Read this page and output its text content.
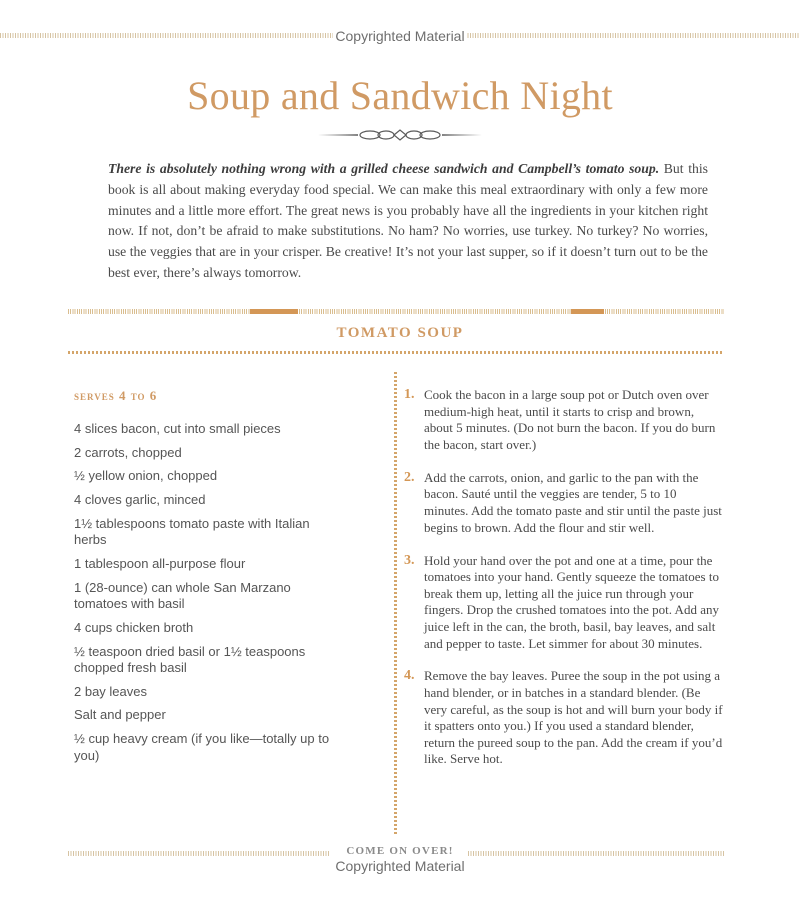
Copyrighted Material
Soup and Sandwich Night

There is absolutely nothing wrong with a grilled cheese sandwich and Campbell’s tomato soup. But this book is all about making everyday food special. We can make this meal extraordinary with only a few more minutes and a little more effort. The great news is you probably have all the ingredients in your kitchen right now. If not, don’t be afraid to make substitutions. No ham? No worries, use turkey. No turkey? No worries, use the veggies that are in your crisper. Be creative! It’s not your last supper, so if it doesn’t turn out to be the best ever, there’s always tomorrow.

TOMATO SOUP
serves 4 to 6
4 slices bacon, cut into small pieces
2 carrots, chopped
½ yellow onion, chopped
4 cloves garlic, minced
1½ tablespoons tomato paste with Italian herbs
1 tablespoon all-purpose flour
1 (28-ounce) can whole San Marzano tomatoes with basil
4 cups chicken broth
½ teaspoon dried basil or 1½ teaspoons chopped fresh basil
2 bay leaves
Salt and pepper
½ cup heavy cream (if you like—totally up to you)
1. Cook the bacon in a large soup pot or Dutch oven over medium-high heat, until it starts to crisp and brown, about 5 minutes. (Do not burn the bacon. If you do burn the bacon, start over.)
2. Add the carrots, onion, and garlic to the pan with the bacon. Sauté until the veggies are tender, 5 to 10 minutes. Add the tomato paste and stir until the paste just begins to brown. Add the flour and stir well.
3. Hold your hand over the pot and one at a time, pour the tomatoes into your hand. Gently squeeze the tomatoes to break them up, letting all the juice run through your fingers. Drop the crushed tomatoes into the pot. Add any juice left in the can, the broth, basil, bay leaves, and salt and pepper to taste. Let simmer for about 30 minutes.
4. Remove the bay leaves. Puree the soup in the pot using a hand blender, or in batches in a standard blender. (Be very careful, as the soup is hot and will burn your body if it spatters onto you.) If you used a standard blender, return the pureed soup to the pan. Add the cream if you’d like. Serve hot.
COME ON OVER!
Copyrighted Material
